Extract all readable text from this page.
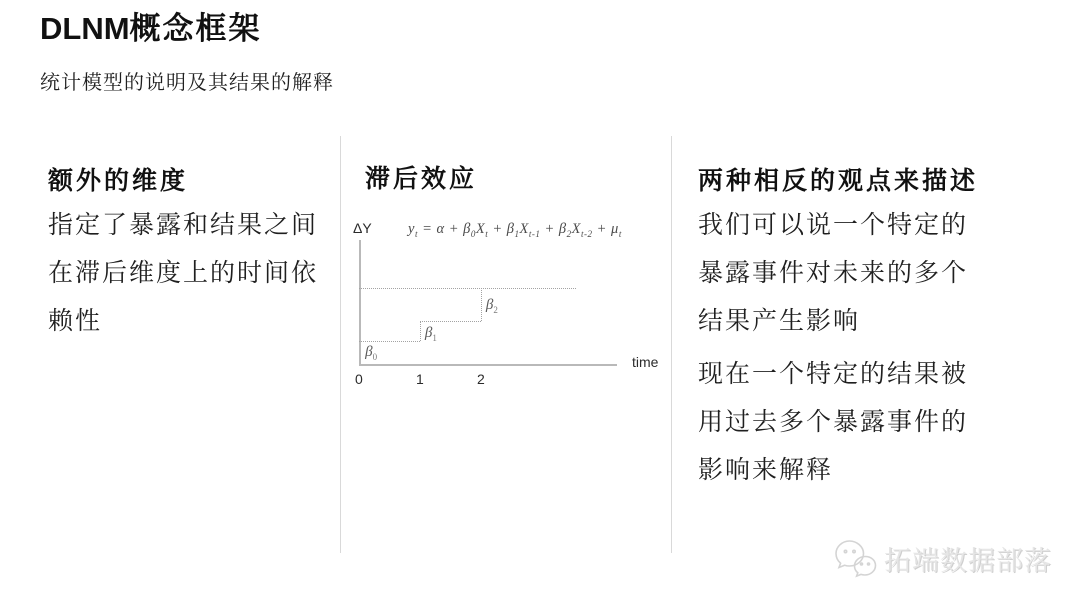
DLNM概念框架
统计模型的说明及其结果的解释
额外的维度

指定了暴露和结果之间在滞后维度上的时间依赖性

滞后效应
ΔY	$y_t = \alpha + \beta_0X_t + \beta_1X_{t-1} + \beta_2X_{t-2} + \mu_t$
time
0	1	2
$\beta_0$
$\beta_1$
$\beta_2$
两种相反的观点来描述

我们可以说一个特定的暴露事件对未来的多个结果产生影响

现在一个特定的结果被用过去多个暴露事件的影响来解释

拓端数据部落
